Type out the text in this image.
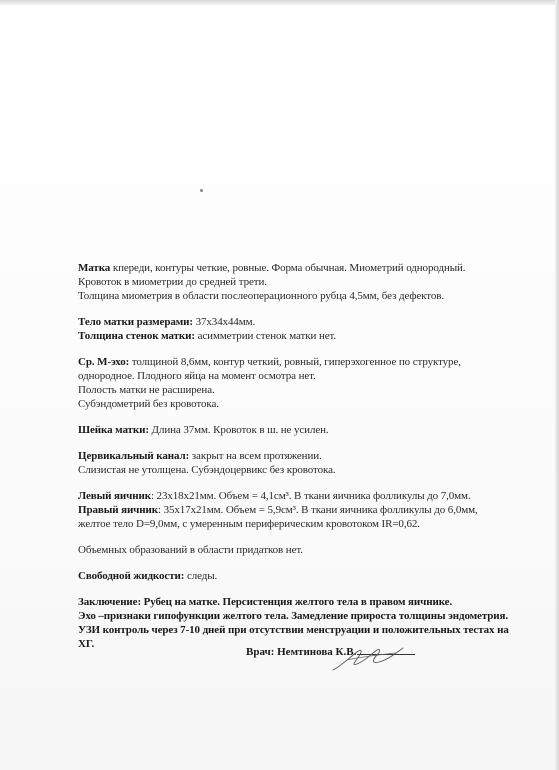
Матка кпереди, контуры четкие, ровные. Форма обычная. Миометрий однородный.

Кровоток в миометрии до средней трети.

Толщина миометрия в области послеоперационного рубца 4,5мм, без дефектов.

Тело матки размерами: 37х34х44мм.

Толщина стенок матки: асимметрии стенок матки нет.

Ср. М-эхо: толщиной 8,6мм, контур четкий, ровный, гиперэхогенное по структуре,

однородное. Плодного яйца на момент осмотра нет.

Полость матки не расширена.

Субэндометрий без кровотока.

Шейка матки: Длина 37мм. Кровоток в ш. не усилен.

Цервикальный канал: закрыт на всем протяжении.

Слизистая не утолщена. Субэндоцервикс без кровотока.

Левый яичник: 23х18х21мм. Объем = 4,1см³. В ткани яичника фолликулы до 7,0мм.

Правый яичник: 35х17х21мм. Объем = 5,9см³. В ткани яичника фолликулы до 6,0мм,

желтое тело D=9,0мм, с умеренным периферическим кровотоком IR=0,62.

Объемных образований в области придатков нет.

Свободной жидкости: следы.

Заключение: Рубец на матке. Персистенция желтого тела в правом яичнике.

Эхо –признаки гипофункции желтого тела. Замедление прироста толщины эндометрия.

УЗИ контроль через 7-10 дней при отсутствии менструации и положительных тестах на

ХГ.

Врач: Немтинова К.В.
